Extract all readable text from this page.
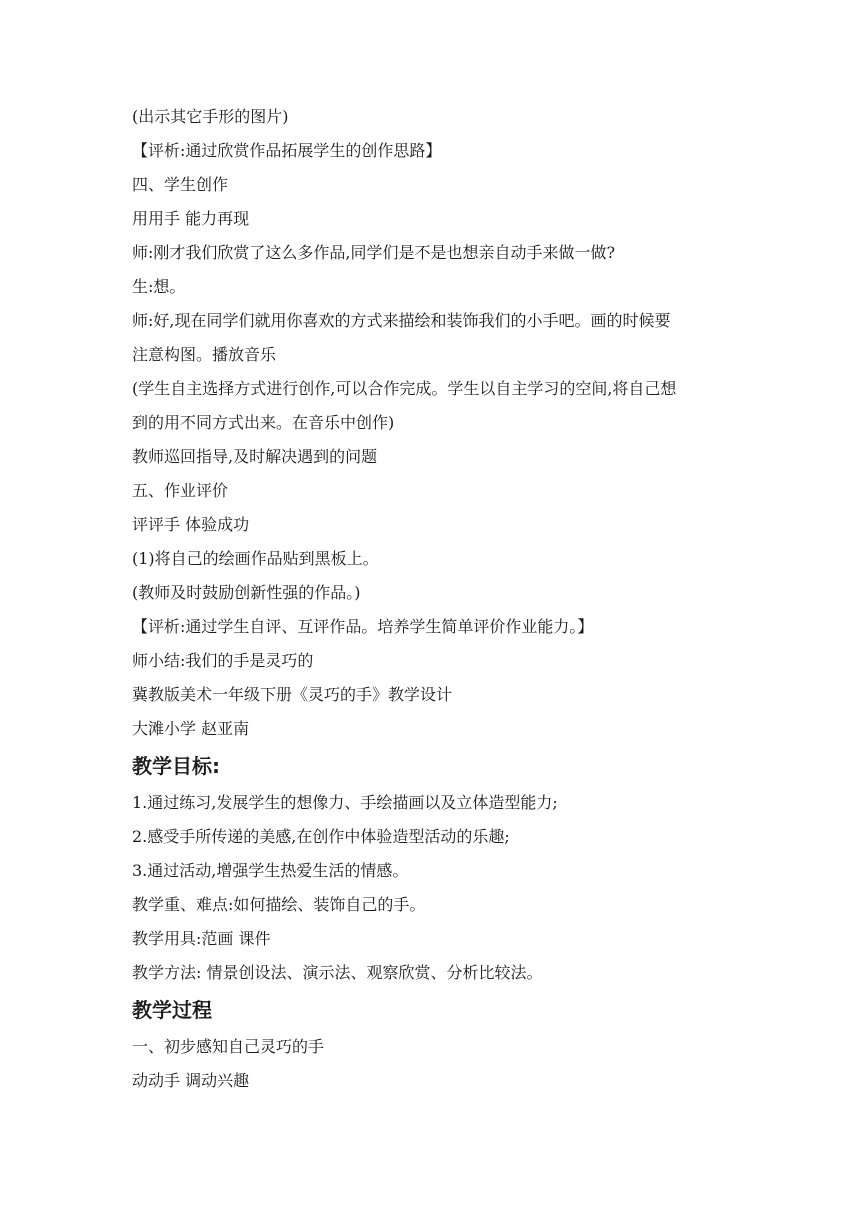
(出示其它手形的图片)
【评析:通过欣赏作品拓展学生的创作思路】
四、学生创作
用用手 能力再现
师:刚才我们欣赏了这么多作品,同学们是不是也想亲自动手来做一做?
生:想。
师:好,现在同学们就用你喜欢的方式来描绘和装饰我们的小手吧。画的时候要
注意构图。播放音乐
(学生自主选择方式进行创作,可以合作完成。学生以自主学习的空间,将自己想
到的用不同方式出来。在音乐中创作)
教师巡回指导,及时解决遇到的问题
五、作业评价
评评手 体验成功
(1)将自己的绘画作品贴到黑板上。
(教师及时鼓励创新性强的作品。)
【评析:通过学生自评、互评作品。培养学生简单评价作业能力。】
师小结:我们的手是灵巧的
冀教版美术一年级下册《灵巧的手》教学设计
大滩小学 赵亚南
教学目标:
1.通过练习,发展学生的想像力、手绘描画以及立体造型能力;
2.感受手所传递的美感,在创作中体验造型活动的乐趣;
3.通过活动,增强学生热爱生活的情感。
教学重、难点:如何描绘、装饰自己的手。
教学用具:范画 课件
教学方法: 情景创设法、演示法、观察欣赏、分析比较法。
教学过程
一、初步感知自己灵巧的手
动动手 调动兴趣
